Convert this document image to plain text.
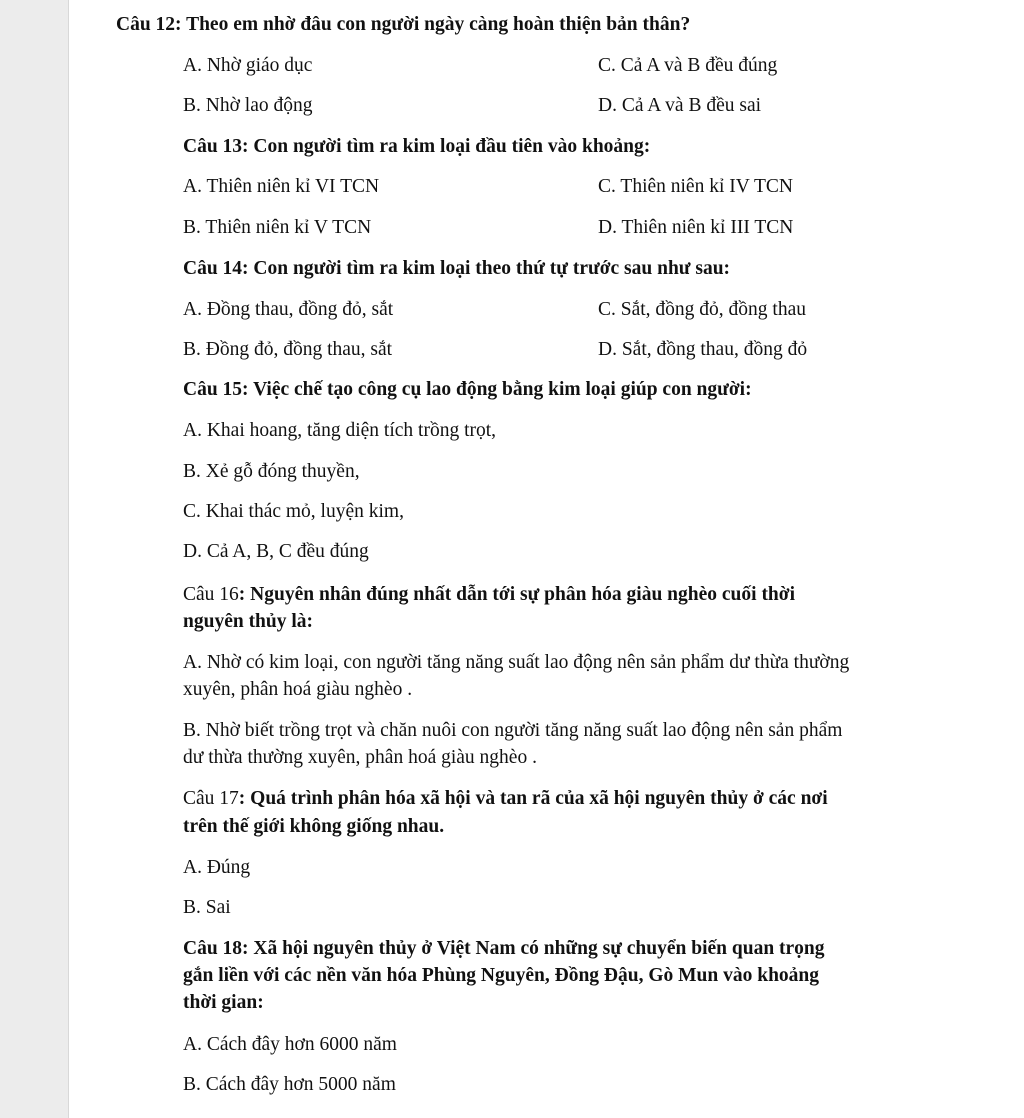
Câu 12: Theo em nhờ đâu con người ngày càng hoàn thiện bản thân?
A. Nhờ giáo dục	C. Cả A và B đều đúng
B. Nhờ lao động	D. Cả A và B đều sai
Câu 13: Con người tìm ra kim loại đầu tiên vào khoảng:
A. Thiên niên kỉ VI TCN	C. Thiên niên kỉ IV TCN
B. Thiên niên kỉ V TCN	D. Thiên niên kỉ III TCN
Câu 14: Con người tìm ra kim loại theo thứ tự trước sau như sau:
A. Đồng thau, đồng đỏ, sắt	C. Sắt, đồng đỏ, đồng thau
B. Đồng đỏ, đồng thau, sắt	D. Sắt, đồng thau, đồng đỏ
Câu 15: Việc chế tạo công cụ lao động bằng kim loại giúp con người:
A. Khai hoang, tăng diện tích trồng trọt,
B. Xẻ gỗ đóng thuyền,
C. Khai thác mỏ, luyện kim,
D. Cả A, B, C đều đúng
Câu 16: Nguyên nhân đúng nhất dẫn tới sự phân hóa giàu nghèo cuối thời
nguyên thủy là:
A. Nhờ có kim loại, con người tăng năng suất lao động nên sản phẩm dư thừa thường
xuyên, phân hoá giàu nghèo .
B. Nhờ biết trồng trọt và chăn nuôi con người tăng năng suất lao động nên sản phẩm
dư thừa thường xuyên, phân hoá giàu nghèo .
Câu 17: Quá trình phân hóa xã hội và tan rã của xã hội nguyên thủy ở các nơi
trên thế giới không giống nhau.
A. Đúng
B. Sai
Câu 18: Xã hội nguyên thủy ở Việt Nam có những sự chuyển biến quan trọng
gắn liền với các nền văn hóa Phùng Nguyên, Đồng Đậu, Gò Mun vào khoảng
thời gian:
A. Cách đây hơn 6000 năm
B. Cách đây hơn 5000 năm
